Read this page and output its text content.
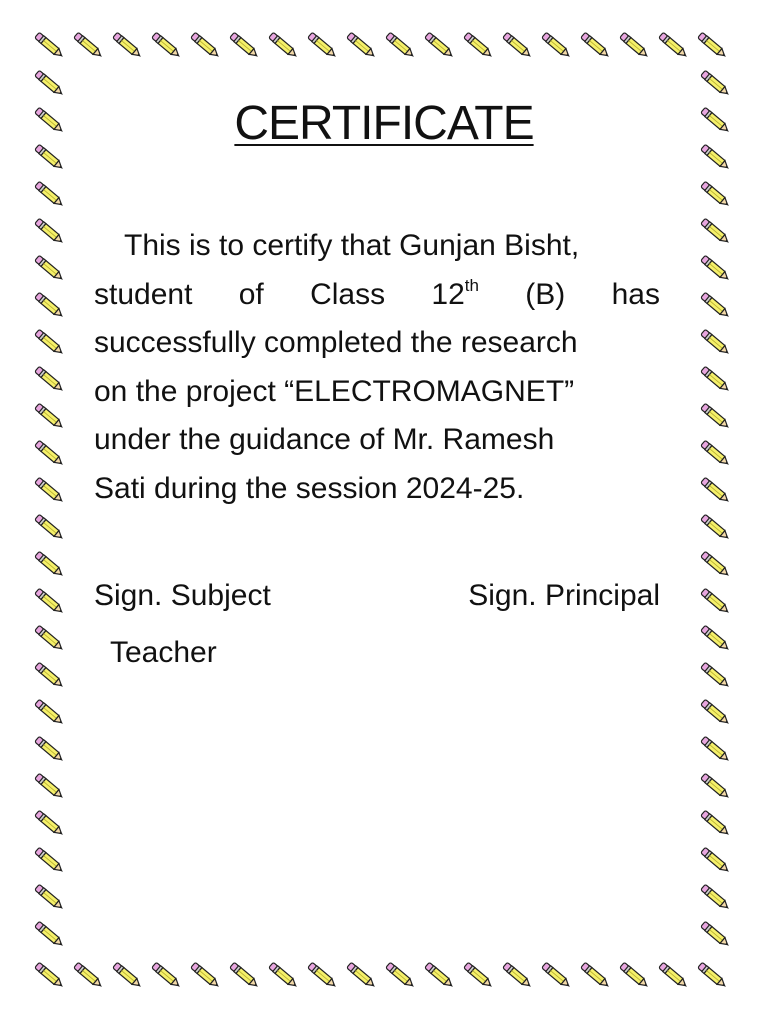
CERTIFICATE
This is to certify that Gunjan Bisht,
student of Class 12th (B) has
successfully completed the research
on the project “ELECTROMAGNET”
under the guidance of Mr. Ramesh
Sati during the session 2024-25.
Sign. Subject
Teacher
Sign. Principal
